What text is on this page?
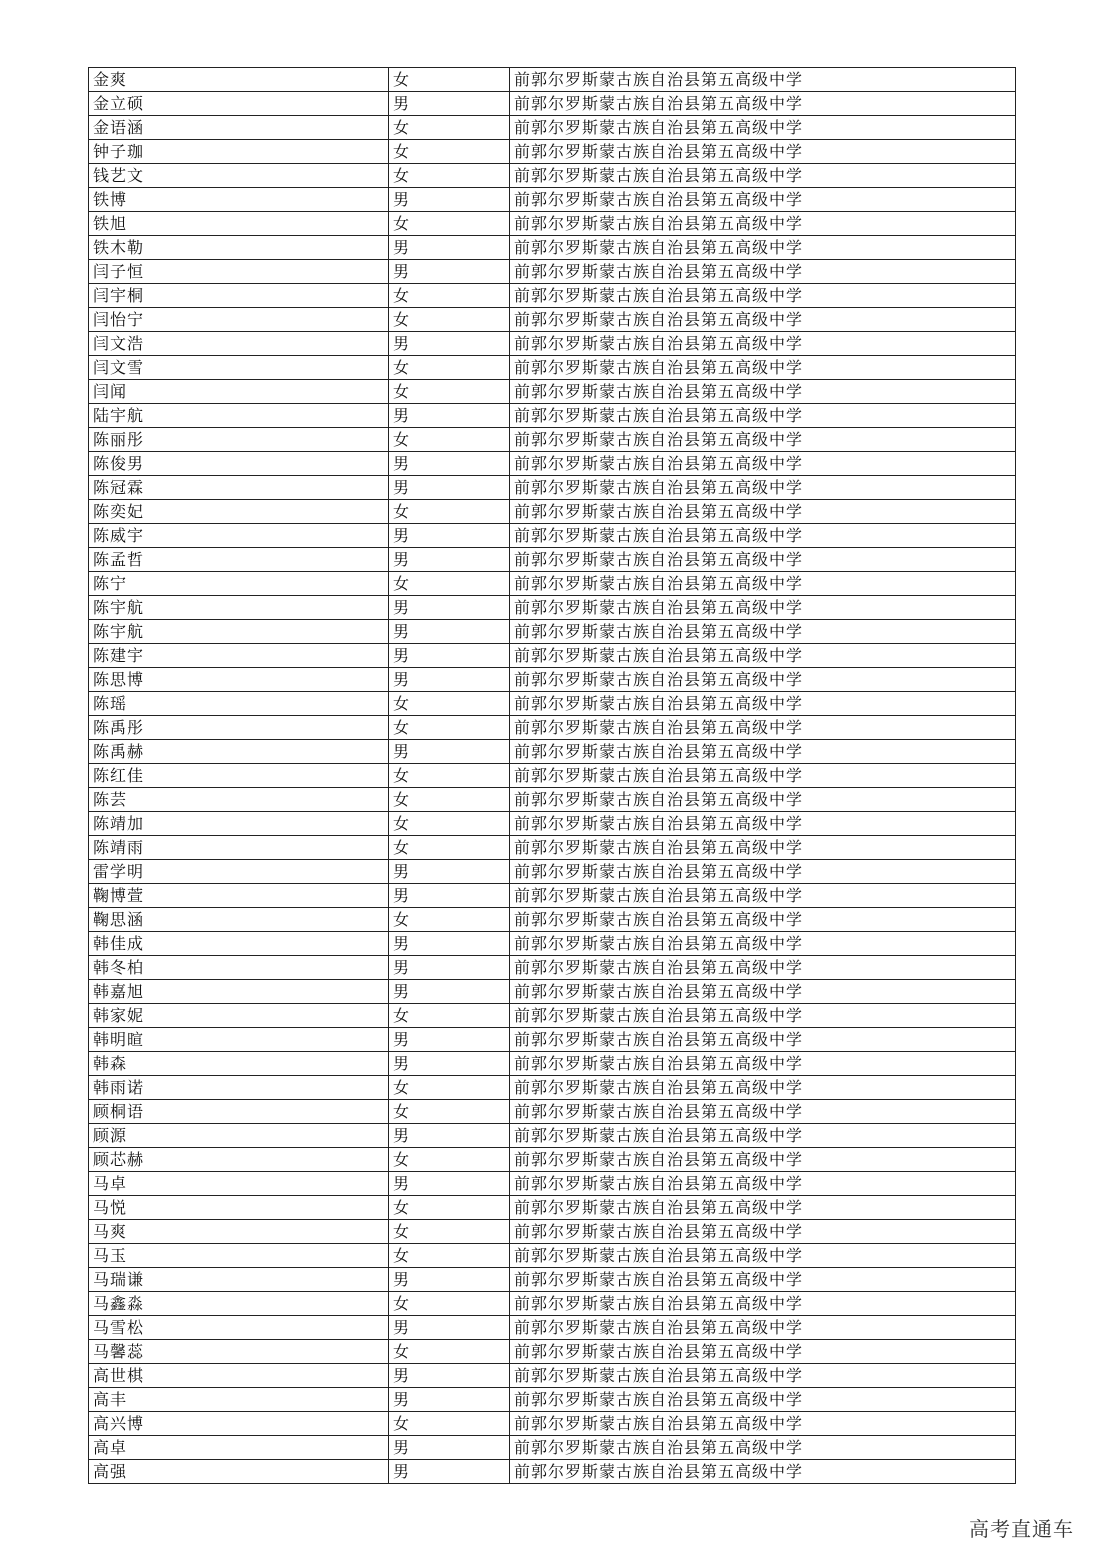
金爽	女	前郭尔罗斯蒙古族自治县第五高级中学
金立硕	男	前郭尔罗斯蒙古族自治县第五高级中学
金语涵	女	前郭尔罗斯蒙古族自治县第五高级中学
钟子珈	女	前郭尔罗斯蒙古族自治县第五高级中学
钱艺文	女	前郭尔罗斯蒙古族自治县第五高级中学
铁博	男	前郭尔罗斯蒙古族自治县第五高级中学
铁旭	女	前郭尔罗斯蒙古族自治县第五高级中学
铁木勒	男	前郭尔罗斯蒙古族自治县第五高级中学
闫子恒	男	前郭尔罗斯蒙古族自治县第五高级中学
闫宇桐	女	前郭尔罗斯蒙古族自治县第五高级中学
闫怡宁	女	前郭尔罗斯蒙古族自治县第五高级中学
闫文浩	男	前郭尔罗斯蒙古族自治县第五高级中学
闫文雪	女	前郭尔罗斯蒙古族自治县第五高级中学
闫闻	女	前郭尔罗斯蒙古族自治县第五高级中学
陆宇航	男	前郭尔罗斯蒙古族自治县第五高级中学
陈丽彤	女	前郭尔罗斯蒙古族自治县第五高级中学
陈俊男	男	前郭尔罗斯蒙古族自治县第五高级中学
陈冠霖	男	前郭尔罗斯蒙古族自治县第五高级中学
陈奕妃	女	前郭尔罗斯蒙古族自治县第五高级中学
陈威宇	男	前郭尔罗斯蒙古族自治县第五高级中学
陈孟哲	男	前郭尔罗斯蒙古族自治县第五高级中学
陈宁	女	前郭尔罗斯蒙古族自治县第五高级中学
陈宇航	男	前郭尔罗斯蒙古族自治县第五高级中学
陈宇航	男	前郭尔罗斯蒙古族自治县第五高级中学
陈建宇	男	前郭尔罗斯蒙古族自治县第五高级中学
陈思博	男	前郭尔罗斯蒙古族自治县第五高级中学
陈瑶	女	前郭尔罗斯蒙古族自治县第五高级中学
陈禹彤	女	前郭尔罗斯蒙古族自治县第五高级中学
陈禹赫	男	前郭尔罗斯蒙古族自治县第五高级中学
陈红佳	女	前郭尔罗斯蒙古族自治县第五高级中学
陈芸	女	前郭尔罗斯蒙古族自治县第五高级中学
陈靖加	女	前郭尔罗斯蒙古族自治县第五高级中学
陈靖雨	女	前郭尔罗斯蒙古族自治县第五高级中学
雷学明	男	前郭尔罗斯蒙古族自治县第五高级中学
鞠博萱	男	前郭尔罗斯蒙古族自治县第五高级中学
鞠思涵	女	前郭尔罗斯蒙古族自治县第五高级中学
韩佳成	男	前郭尔罗斯蒙古族自治县第五高级中学
韩冬柏	男	前郭尔罗斯蒙古族自治县第五高级中学
韩嘉旭	男	前郭尔罗斯蒙古族自治县第五高级中学
韩家妮	女	前郭尔罗斯蒙古族自治县第五高级中学
韩明暄	男	前郭尔罗斯蒙古族自治县第五高级中学
韩森	男	前郭尔罗斯蒙古族自治县第五高级中学
韩雨诺	女	前郭尔罗斯蒙古族自治县第五高级中学
顾桐语	女	前郭尔罗斯蒙古族自治县第五高级中学
顾源	男	前郭尔罗斯蒙古族自治县第五高级中学
顾芯赫	女	前郭尔罗斯蒙古族自治县第五高级中学
马卓	男	前郭尔罗斯蒙古族自治县第五高级中学
马悦	女	前郭尔罗斯蒙古族自治县第五高级中学
马爽	女	前郭尔罗斯蒙古族自治县第五高级中学
马玉	女	前郭尔罗斯蒙古族自治县第五高级中学
马瑞谦	男	前郭尔罗斯蒙古族自治县第五高级中学
马鑫淼	女	前郭尔罗斯蒙古族自治县第五高级中学
马雪松	男	前郭尔罗斯蒙古族自治县第五高级中学
马馨蕊	女	前郭尔罗斯蒙古族自治县第五高级中学
高世棋	男	前郭尔罗斯蒙古族自治县第五高级中学
高丰	男	前郭尔罗斯蒙古族自治县第五高级中学
高兴博	女	前郭尔罗斯蒙古族自治县第五高级中学
高卓	男	前郭尔罗斯蒙古族自治县第五高级中学
高强	男	前郭尔罗斯蒙古族自治县第五高级中学
高考直通车
